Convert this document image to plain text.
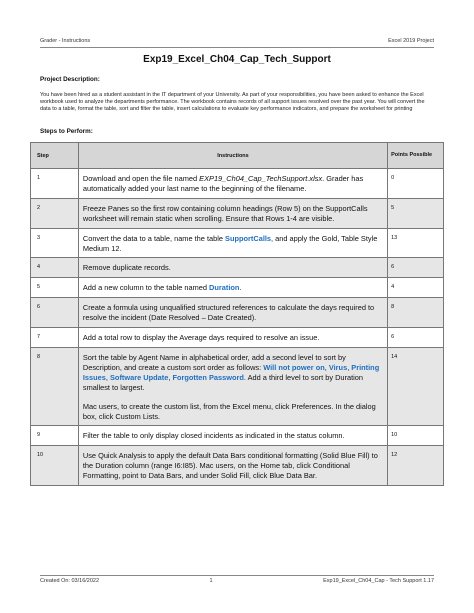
Grader - Instructions	Excel 2019 Project
Exp19_Excel_Ch04_Cap_Tech_Support
Project Description:
You have been hired as a student assistant in the IT department of your University. As part of your responsibilities, you have been asked to enhance the Excel workbook used to analyze the departments performance. The workbook contains records of all support issues resolved over the past year. You will convert the data to a table, format the table, sort and filter the table, insert calculations to evaluate key performance indicators, and prepare the worksheet for printing
Steps to Perform:
Step	Instructions	Points Possible
1	Download and open the file named EXP19_Ch04_Cap_TechSupport.xlsx. Grader has automatically added your last name to the beginning of the filename.	0
2	Freeze Panes so the first row containing column headings (Row 5) on the SupportCalls worksheet will remain static when scrolling. Ensure that Rows 1-4 are visible.	5
3	Convert the data to a table, name the table SupportCalls, and apply the Gold, Table Style Medium 12.	13
4	Remove duplicate records.	6
5	Add a new column to the table named Duration.	4
6	Create a formula using unqualified structured references to calculate the days required to resolve the incident (Date Resolved – Date Created).	8
7	Add a total row to display the Average days required to resolve an issue.	6
8	Sort the table by Agent Name in alphabetical order, add a second level to sort by Description, and create a custom sort order as follows: Will not power on, Virus, Printing Issues, Software Update, Forgotten Password. Add a third level to sort by Duration smallest to largest.
Mac users, to create the custom list, from the Excel menu, click Preferences. In the dialog box, click Custom Lists.	14
9	Filter the table to only display closed incidents as indicated in the status column.	10
10	Use Quick Analysis to apply the default Data Bars conditional formatting (Solid Blue Fill) to the Duration column (range I6:I85). Mac users, on the Home tab, click Conditional Formatting, point to Data Bars, and under Solid Fill, click Blue Data Bar.	12
Created On: 03/16/2022	1	Exp19_Excel_Ch04_Cap - Tech Support 1.17
